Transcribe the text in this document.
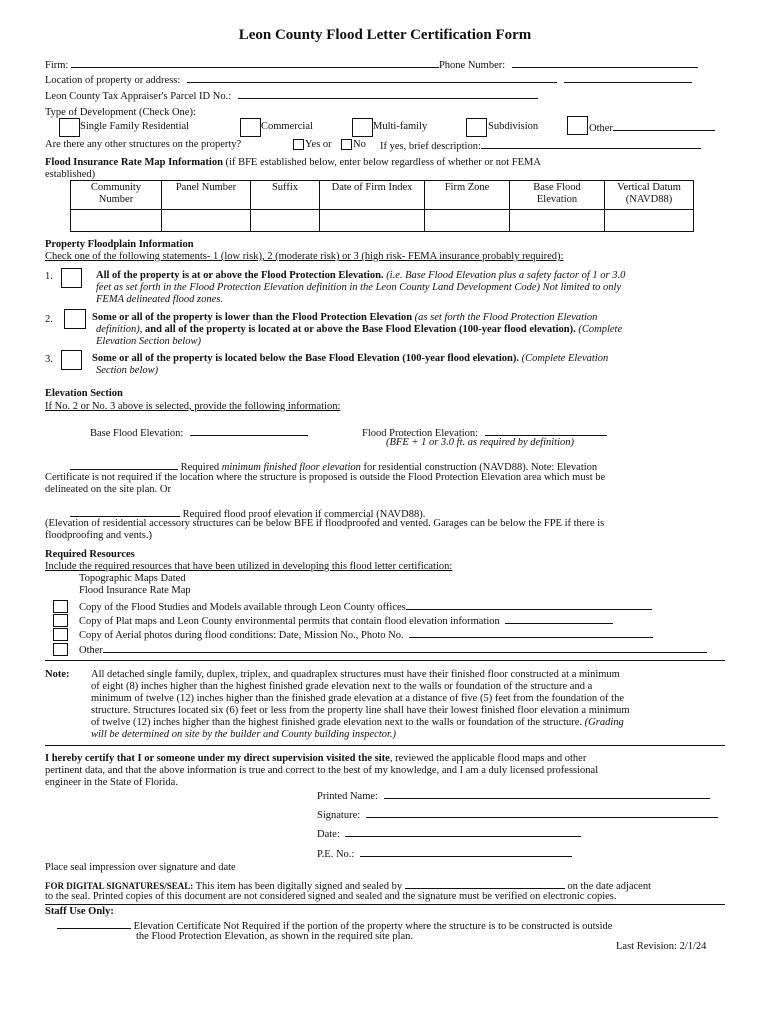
Leon County Flood Letter Certification Form
Firm:	Phone Number:
Location of property or address:
Leon County Tax Appraiser's Parcel ID No.:
Type of Development (Check One):
Single Family Residential	Commercial	Multi-family	Subdivision	Other
Are there any other structures on the property?	Yes or No If yes, brief description:
Flood Insurance Rate Map Information (if BFE established below, enter below regardless of whether or not FEMA
established)
Community Number	Panel Number	Suffix	Date of Firm Index	Firm Zone	Base Flood Elevation	Vertical Datum (NAVD88)

Property Floodplain Information
Check one of the following statements- 1 (low risk), 2 (moderate risk) or 3 (high risk- FEMA insurance probably required):
1.	All of the property is at or above the Flood Protection Elevation. (i.e. Base Flood Elevation plus a safety factor of 1 or 3.0
feet as set forth in the Flood Protection Elevation definition in the Leon County Land Development Code) Not limited to only
FEMA delineated flood zones.
2.	Some or all of the property is lower than the Flood Protection Elevation (as set forth the Flood Protection Elevation
definition), and all of the property is located at or above the Base Flood Elevation (100-year flood elevation). (Complete
Elevation Section below)
3.	Some or all of the property is located below the Base Flood Elevation (100-year flood elevation). (Complete Elevation
Section below)
Elevation Section
If No. 2 or No. 3 above is selected, provide the following information:
Base Flood Elevation:	Flood Protection Elevation:
(BFE + 1 or 3.0 ft. as required by definition)
Required minimum finished floor elevation for residential construction (NAVD88). Note: Elevation
Certificate is not required if the location where the structure is proposed is outside the Flood Protection Elevation area which must be
delineated on the site plan. Or
Required flood proof elevation if commercial (NAVD88).
(Elevation of residential accessory structures can be below BFE if floodproofed and vented. Garages can be below the FPE if there is
floodproofing and vents.)
Required Resources
Include the required resources that have been utilized in developing this flood letter certification:
Topographic Maps Dated
Flood Insurance Rate Map
Copy of the Flood Studies and Models available through Leon County offices
Copy of Plat maps and Leon County environmental permits that contain flood elevation information
Copy of Aerial photos during flood conditions: Date, Mission No., Photo No.
Other
Note: All detached single family, duplex, triplex, and quadraplex structures must have their finished floor constructed at a minimum
of eight (8) inches higher than the highest finished grade elevation next to the walls or foundation of the structure and a
minimum of twelve (12) inches higher than the finished grade elevation at a distance of five (5) feet from the foundation of the
structure. Structures located six (6) feet or less from the property line shall have their lowest finished floor elevation a minimum
of twelve (12) inches higher than the highest finished grade elevation next to the walls or foundation of the structure. (Grading
will be determined on site by the builder and County building inspector.)
I hereby certify that I or someone under my direct supervision visited the site, reviewed the applicable flood maps and other
pertinent data, and that the above information is true and correct to the best of my knowledge, and I am a duly licensed professional
engineer in the State of Florida.
Printed Name:
Signature:
Date:
P.E. No.:
Place seal impression over signature and date
FOR DIGITAL SIGNATURES/SEAL: This item has been digitally signed and sealed by	on the date adjacent
to the seal. Printed copies of this document are not considered signed and sealed and the signature must be verified on electronic copies.
Staff Use Only:
Elevation Certificate Not Required if the portion of the property where the structure is to be constructed is outside
the Flood Protection Elevation, as shown in the required site plan.
Last Revision: 2/1/24
